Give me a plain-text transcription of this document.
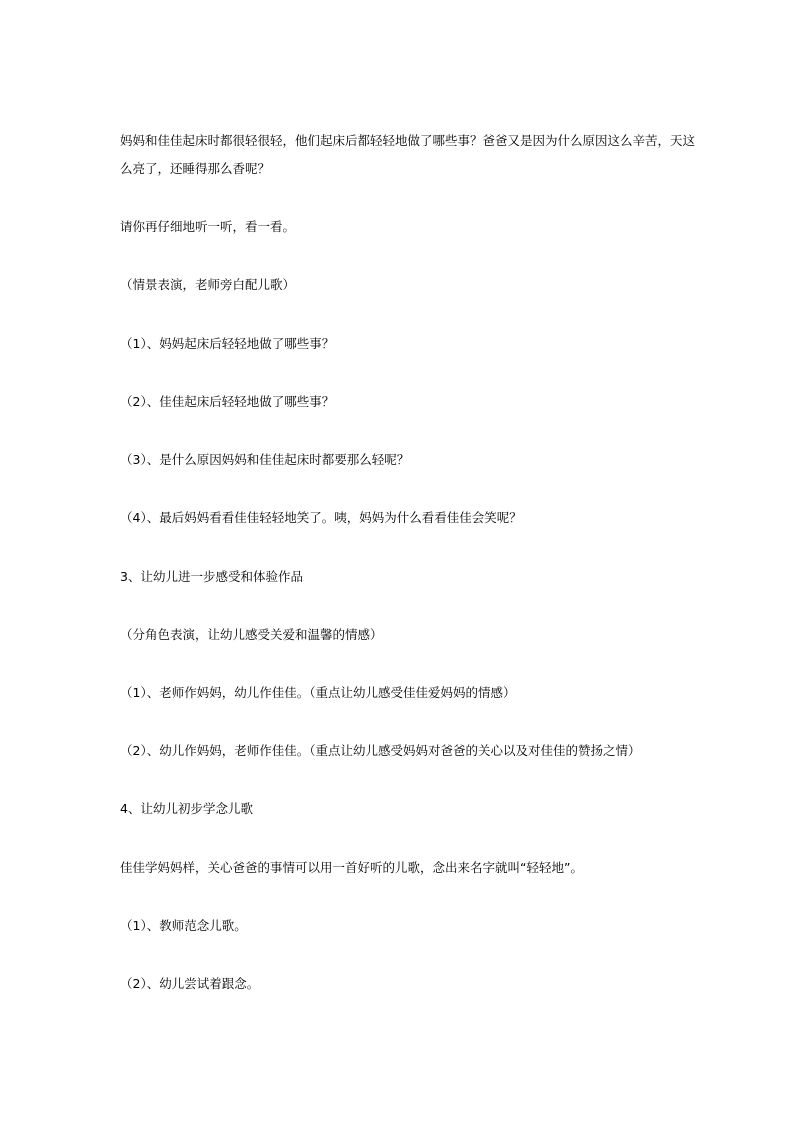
妈妈和佳佳起床时都很轻很轻，他们起床后都轻轻地做了哪些事？爸爸又是因为什么原因这么辛苦，天这
么亮了，还睡得那么香呢？

请你再仔细地听一听，看一看。

（情景表演，老师旁白配儿歌）

（1）、妈妈起床后轻轻地做了哪些事？

（2）、佳佳起床后轻轻地做了哪些事？

（3）、是什么原因妈妈和佳佳起床时都要那么轻呢？

（4）、最后妈妈看看佳佳轻轻地笑了。咦，妈妈为什么看看佳佳会笑呢？

3、让幼儿进一步感受和体验作品

（分角色表演，让幼儿感受关爱和温馨的情感）

（1）、老师作妈妈，幼儿作佳佳。（重点让幼儿感受佳佳爱妈妈的情感）

（2）、幼儿作妈妈，老师作佳佳。（重点让幼儿感受妈妈对爸爸的关心以及对佳佳的赞扬之情）

4、让幼儿初步学念儿歌

佳佳学妈妈样，关心爸爸的事情可以用一首好听的儿歌，念出来名字就叫“轻轻地”。

（1）、教师范念儿歌。

（2）、幼儿尝试着跟念。
